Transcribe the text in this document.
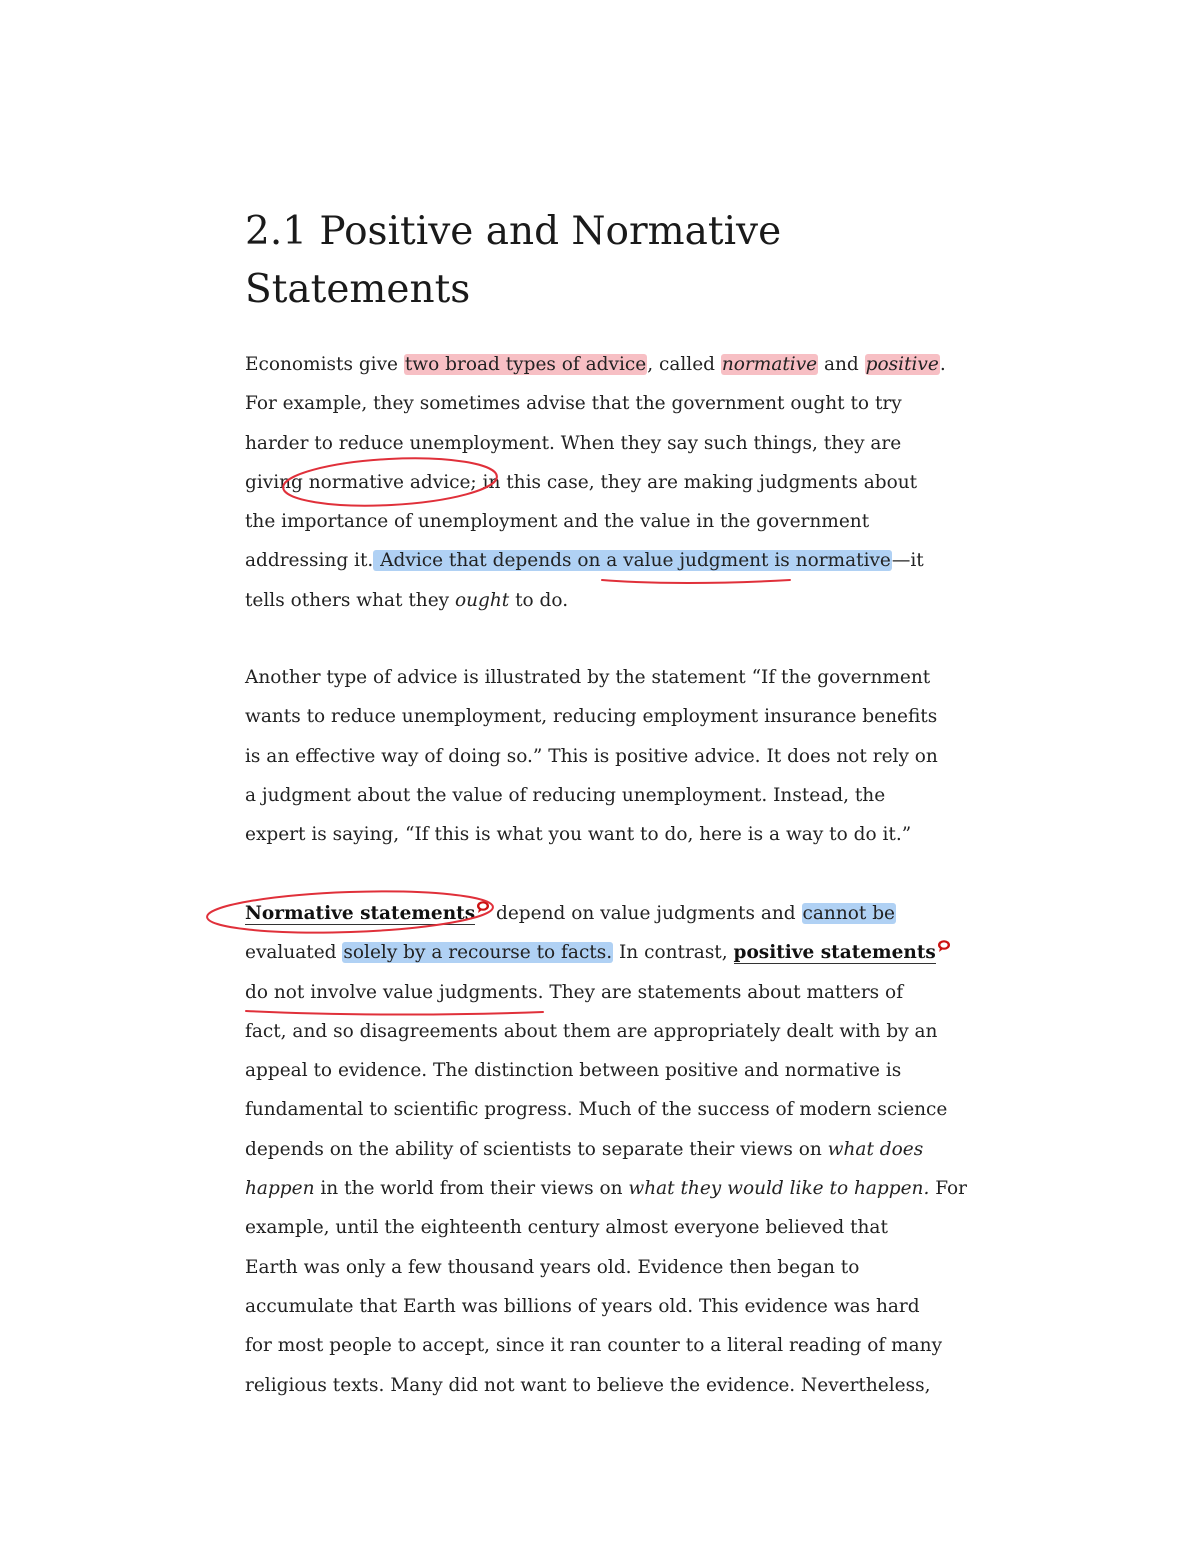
2.1 Positive and Normative
Statements
Economists give two broad types of advice, called normative and positive.
For example, they sometimes advise that the government ought to try
harder to reduce unemployment. When they say such things, they are
giving normative advice; in this case, they are making judgments about
the importance of unemployment and the value in the government
addressing it. Advice that depends on a value judgment is normative—it
tells others what they ought to do.
Another type of advice is illustrated by the statement “If the government
wants to reduce unemployment, reducing employment insurance benefits
is an effective way of doing so.” This is positive advice. It does not rely on
a judgment about the value of reducing unemployment. Instead, the
expert is saying, “If this is what you want to do, here is a way to do it.”
Normative statements depend on value judgments and cannot be
evaluated solely by a recourse to facts. In contrast, positive statements
do not involve value judgments. They are statements about matters of
fact, and so disagreements about them are appropriately dealt with by an
appeal to evidence. The distinction between positive and normative is
fundamental to scientific progress. Much of the success of modern science
depends on the ability of scientists to separate their views on what does
happen in the world from their views on what they would like to happen. For
example, until the eighteenth century almost everyone believed that
Earth was only a few thousand years old. Evidence then began to
accumulate that Earth was billions of years old. This evidence was hard
for most people to accept, since it ran counter to a literal reading of many
religious texts. Many did not want to believe the evidence. Nevertheless,
